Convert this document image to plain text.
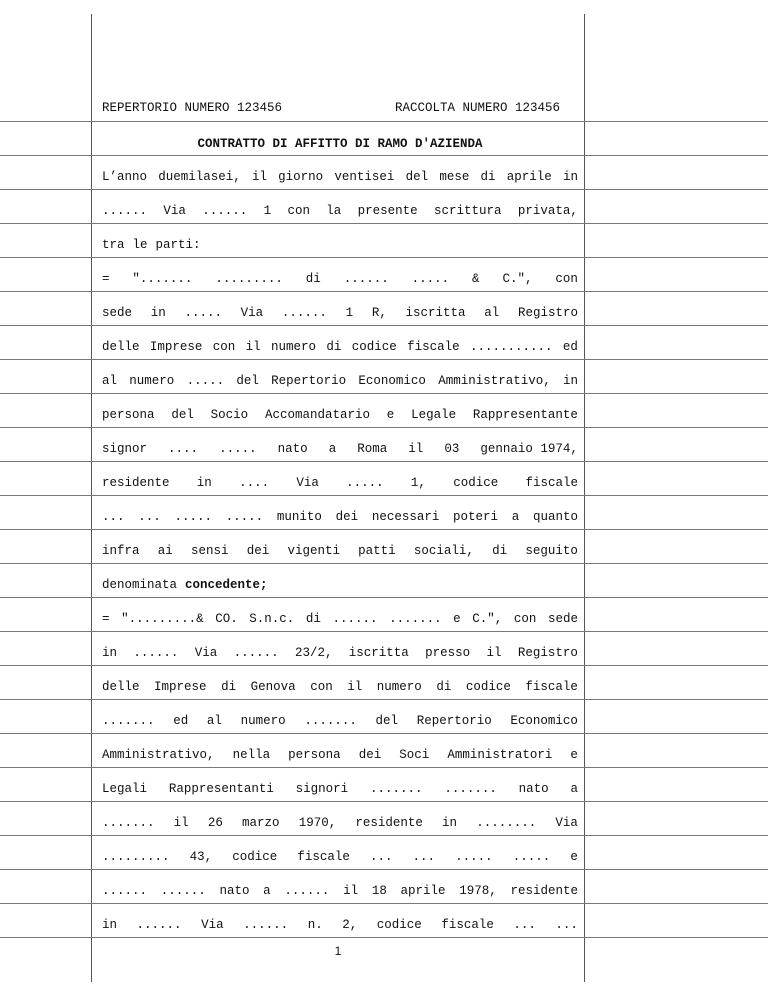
REPERTORIO NUMERO 123456	RACCOLTA NUMERO 123456
CONTRATTO DI AFFITTO DI RAMO D'AZIENDA
L’anno duemilasei, il giorno ventisei del mese di aprile in
...... Via ...... 1 con la presente scrittura privata,
tra le parti:
= "....... ......... di ...... ..... & C.", con
sede in ..... Via ...... 1 R, iscritta al Registro
delle Imprese con il numero di codice fiscale ........... ed
al numero ..... del Repertorio Economico Amministrativo, in
persona del Socio Accomandatario e Legale Rappresentante
signor .... ..... nato a Roma il 03 gennaio 1974,
residente in .... Via ..... 1, codice fiscale
... ... ..... ..... munito dei necessari poteri a quanto
infra ai sensi dei vigenti patti sociali, di seguito
denominata concedente;
= ".........& CO. S.n.c. di ...... ....... e C.", con sede
in ...... Via ...... 23/2, iscritta presso il Registro
delle Imprese di Genova con il numero di codice fiscale
....... ed al numero ....... del Repertorio Economico
Amministrativo, nella persona dei Soci Amministratori e
Legali Rappresentanti signori ....... ....... nato a
....... il 26 marzo 1970, residente in ........ Via
......... 43, codice fiscale ... ... ..... ..... e
...... ...... nato a ...... il 18 aprile 1978, residente
in ...... Via ...... n. 2, codice fiscale ... ...
1
